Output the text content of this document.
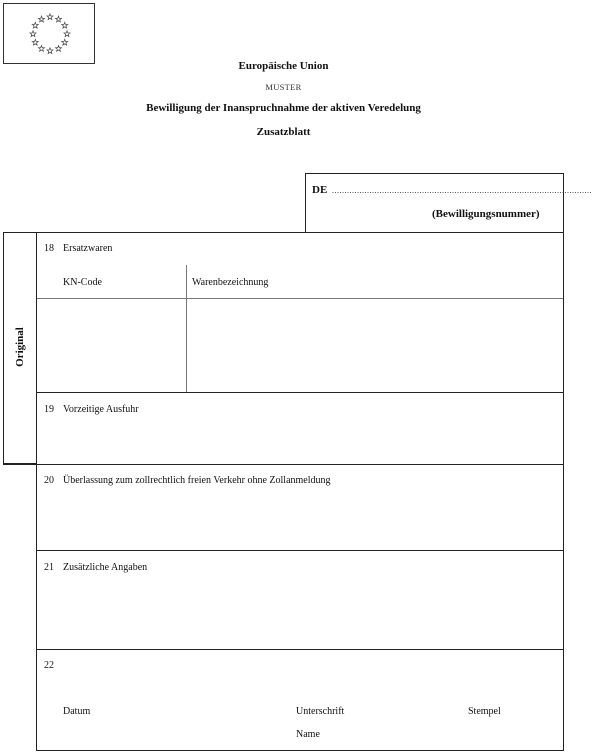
Europäische Union
MUSTER
Bewilligung der Inanspruchnahme der aktiven Veredelung
Zusatzblatt
DE ........................................................................................................
(Bewilligungsnummer)
Original
18 Ersatzwaren
KN-Code	Warenbezeichnung
19 Vorzeitige Ausfuhr
20 Überlassung zum zollrechtlich freien Verkehr ohne Zollanmeldung
21 Zusätzliche Angaben
22
Datum	Unterschrift
Name
Stempel
